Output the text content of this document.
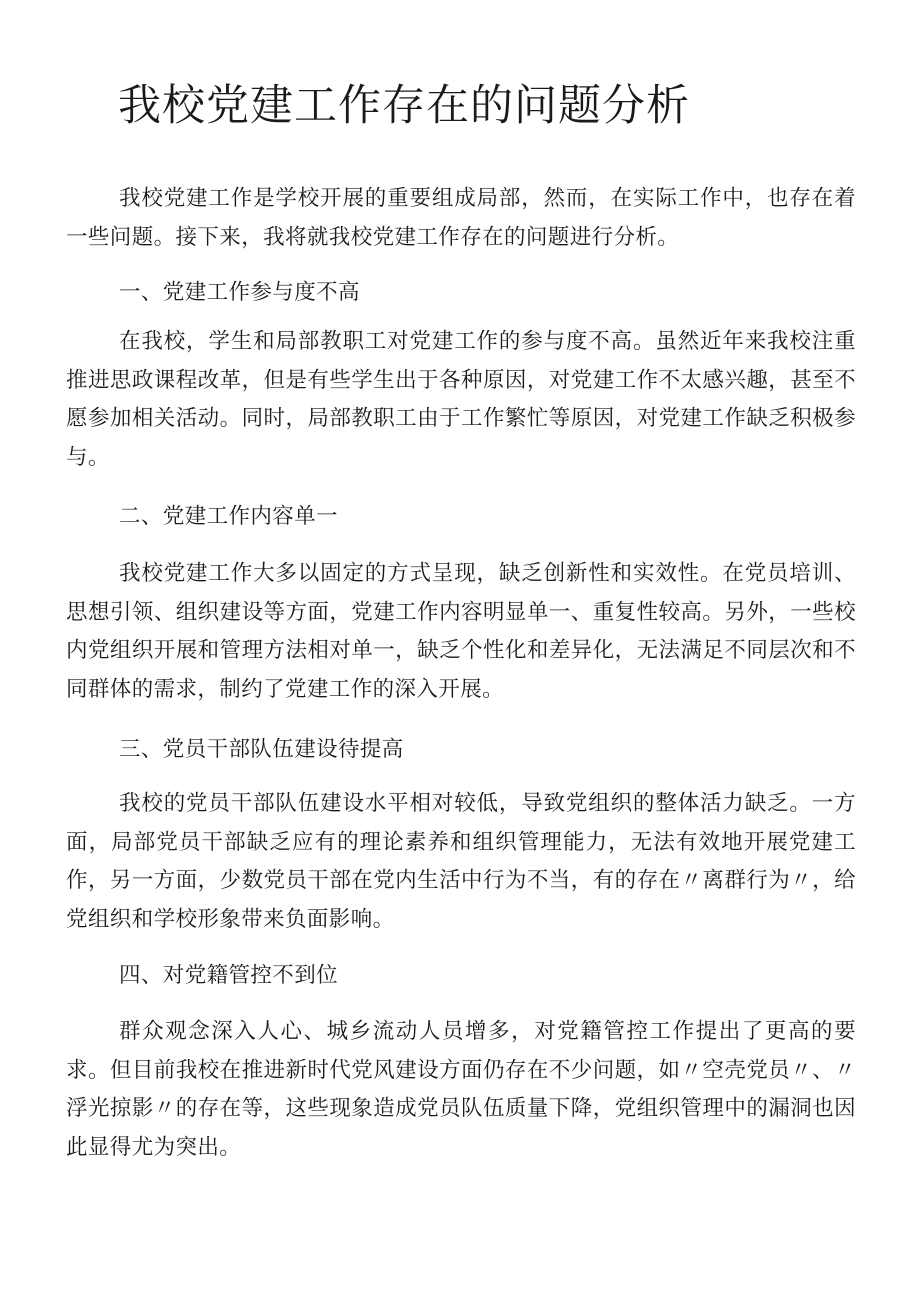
我校党建工作存在的问题分析

我校党建工作是学校开展的重要组成局部，然而，在实际工作中，也存在着一些问题。接下来，我将就我校党建工作存在的问题进行分析。

一、党建工作参与度不高

在我校，学生和局部教职工对党建工作的参与度不高。虽然近年来我校注重推进思政课程改革，但是有些学生出于各种原因，对党建工作不太感兴趣，甚至不愿参加相关活动。同时，局部教职工由于工作繁忙等原因，对党建工作缺乏积极参与。

二、党建工作内容单一

我校党建工作大多以固定的方式呈现，缺乏创新性和实效性。在党员培训、思想引领、组织建设等方面，党建工作内容明显单一、重复性较高。另外，一些校内党组织开展和管理方法相对单一，缺乏个性化和差异化，无法满足不同层次和不同群体的需求，制约了党建工作的深入开展。

三、党员干部队伍建设待提高

我校的党员干部队伍建设水平相对较低，导致党组织的整体活力缺乏。一方面，局部党员干部缺乏应有的理论素养和组织管理能力，无法有效地开展党建工作，另一方面，少数党员干部在党内生活中行为不当，有的存在〃离群行为〃，给党组织和学校形象带来负面影响。

四、对党籍管控不到位

群众观念深入人心、城乡流动人员增多，对党籍管控工作提出了更高的要求。但目前我校在推进新时代党风建设方面仍存在不少问题，如〃空壳党员〃、〃浮光掠影〃的存在等，这些现象造成党员队伍质量下降，党组织管理中的漏洞也因此显得尤为突出。
